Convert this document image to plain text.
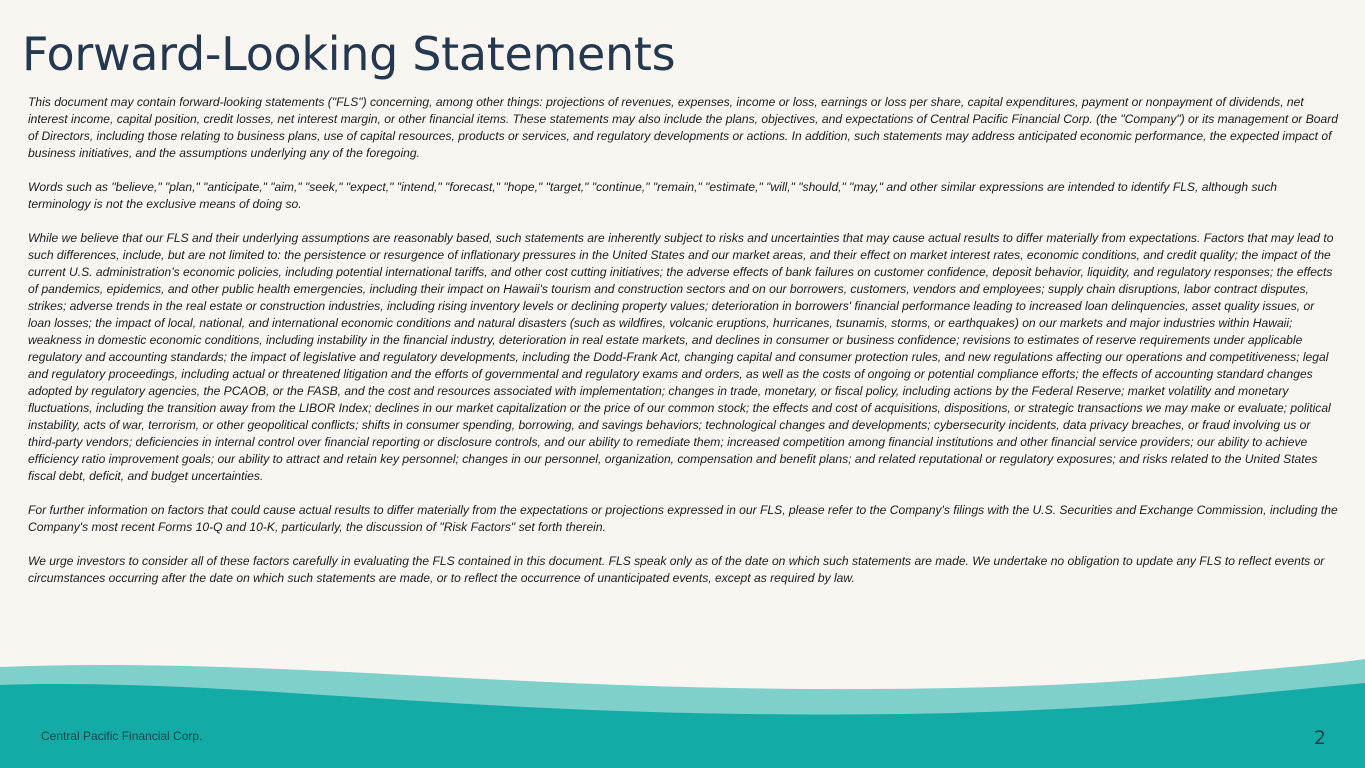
Forward-Looking Statements

This document may contain forward-looking statements ("FLS") concerning, among other things: projections of revenues, expenses, income or loss, earnings or loss per share, capital expenditures, payment or nonpayment of dividends, net interest income, capital position, credit losses, net interest margin, or other financial items. These statements may also include the plans, objectives, and expectations of Central Pacific Financial Corp. (the "Company") or its management or Board of Directors, including those relating to business plans, use of capital resources, products or services, and regulatory developments or actions. In addition, such statements may address anticipated economic performance, the expected impact of business initiatives, and the assumptions underlying any of the foregoing.

Words such as "believe," "plan," "anticipate," "aim," "seek," "expect," "intend," "forecast," "hope," "target," "continue," "remain," "estimate," "will," "should," "may," and other similar expressions are intended to identify FLS, although such terminology is not the exclusive means of doing so.

While we believe that our FLS and their underlying assumptions are reasonably based, such statements are inherently subject to risks and uncertainties that may cause actual results to differ materially from expectations. Factors that may lead to such differences, include, but are not limited to: the persistence or resurgence of inflationary pressures in the United States and our market areas, and their effect on market interest rates, economic conditions, and credit quality; the impact of the current U.S. administration’s economic policies, including potential international tariffs, and other cost cutting initiatives; the adverse effects of bank failures on customer confidence, deposit behavior, liquidity, and regulatory responses; the effects of pandemics, epidemics, and other public health emergencies, including their impact on Hawaii's tourism and construction sectors and on our borrowers, customers, vendors and employees; supply chain disruptions, labor contract disputes, strikes; adverse trends in the real estate or construction industries, including rising inventory levels or declining property values; deterioration in borrowers' financial performance leading to increased loan delinquencies, asset quality issues, or loan losses; the impact of local, national, and international economic conditions and natural disasters (such as wildfires, volcanic eruptions, hurricanes, tsunamis, storms, or earthquakes) on our markets and major industries within Hawaii; weakness in domestic economic conditions, including instability in the financial industry, deterioration in real estate markets, and declines in consumer or business confidence; revisions to estimates of reserve requirements under applicable regulatory and accounting standards; the impact of legislative and regulatory developments, including the Dodd-Frank Act, changing capital and consumer protection rules, and new regulations affecting our operations and competitiveness; legal and regulatory proceedings, including actual or threatened litigation and the efforts of governmental and regulatory exams and orders, as well as the costs of ongoing or potential compliance efforts; the effects of accounting standard changes adopted by regulatory agencies, the PCAOB, or the FASB, and the cost and resources associated with implementation; changes in trade, monetary, or fiscal policy, including actions by the Federal Reserve; market volatility and monetary fluctuations, including the transition away from the LIBOR Index; declines in our market capitalization or the price of our common stock; the effects and cost of acquisitions, dispositions, or strategic transactions we may make or evaluate; political instability, acts of war, terrorism, or other geopolitical conflicts; shifts in consumer spending, borrowing, and savings behaviors; technological changes and developments; cybersecurity incidents, data privacy breaches, or fraud involving us or third-party vendors; deficiencies in internal control over financial reporting or disclosure controls, and our ability to remediate them; increased competition among financial institutions and other financial service providers; our ability to achieve efficiency ratio improvement goals; our ability to attract and retain key personnel; changes in our personnel, organization, compensation and benefit plans; and related reputational or regulatory exposures; and risks related to the United States fiscal debt, deficit, and budget uncertainties.

For further information on factors that could cause actual results to differ materially from the expectations or projections expressed in our FLS, please refer to the Company's filings with the U.S. Securities and Exchange Commission, including the Company's most recent Forms 10-Q and 10-K, particularly, the discussion of "Risk Factors" set forth therein.

We urge investors to consider all of these factors carefully in evaluating the FLS contained in this document. FLS speak only as of the date on which such statements are made. We undertake no obligation to update any FLS to reflect events or circumstances occurring after the date on which such statements are made, or to reflect the occurrence of unanticipated events, except as required by law.

Central Pacific Financial Corp.	2
